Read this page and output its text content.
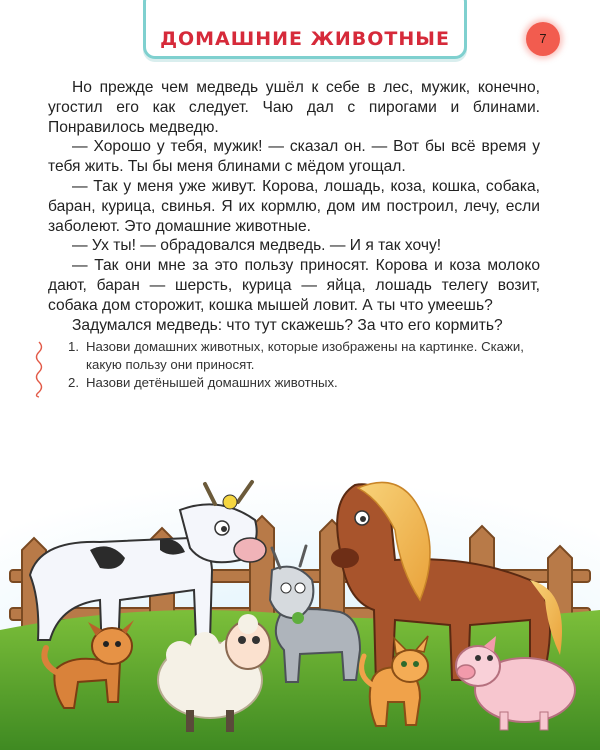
ДОМАШНИЕ ЖИВОТНЫЕ	7

Но прежде чем медведь ушёл к себе в лес, мужик, конечно, угостил его как следует. Чаю дал с пирогами и блинами. Понравилось медведю.

— Хорошо у тебя, мужик! — сказал он. — Вот бы всё время у тебя жить. Ты бы меня блинами с мёдом угощал.

— Так у меня уже живут. Корова, лошадь, коза, кошка, собака, баран, курица, свинья. Я их кормлю, дом им построил, лечу, если заболеют. Это домашние животные.

— Ух ты! — обрадовался медведь. — И я так хочу!

— Так они мне за это пользу приносят. Корова и коза молоко дают, баран — шерсть, курица — яйца, лошадь телегу возит, собака дом сторожит, кошка мышей ловит. А ты что умеешь?

Задумался медведь: что тут скажешь? За что его кормить?

1. Назови домашних животных, которые изображены на картинке. Скажи, какую пользу они приносят.
2. Назови детёнышей домашних животных.
